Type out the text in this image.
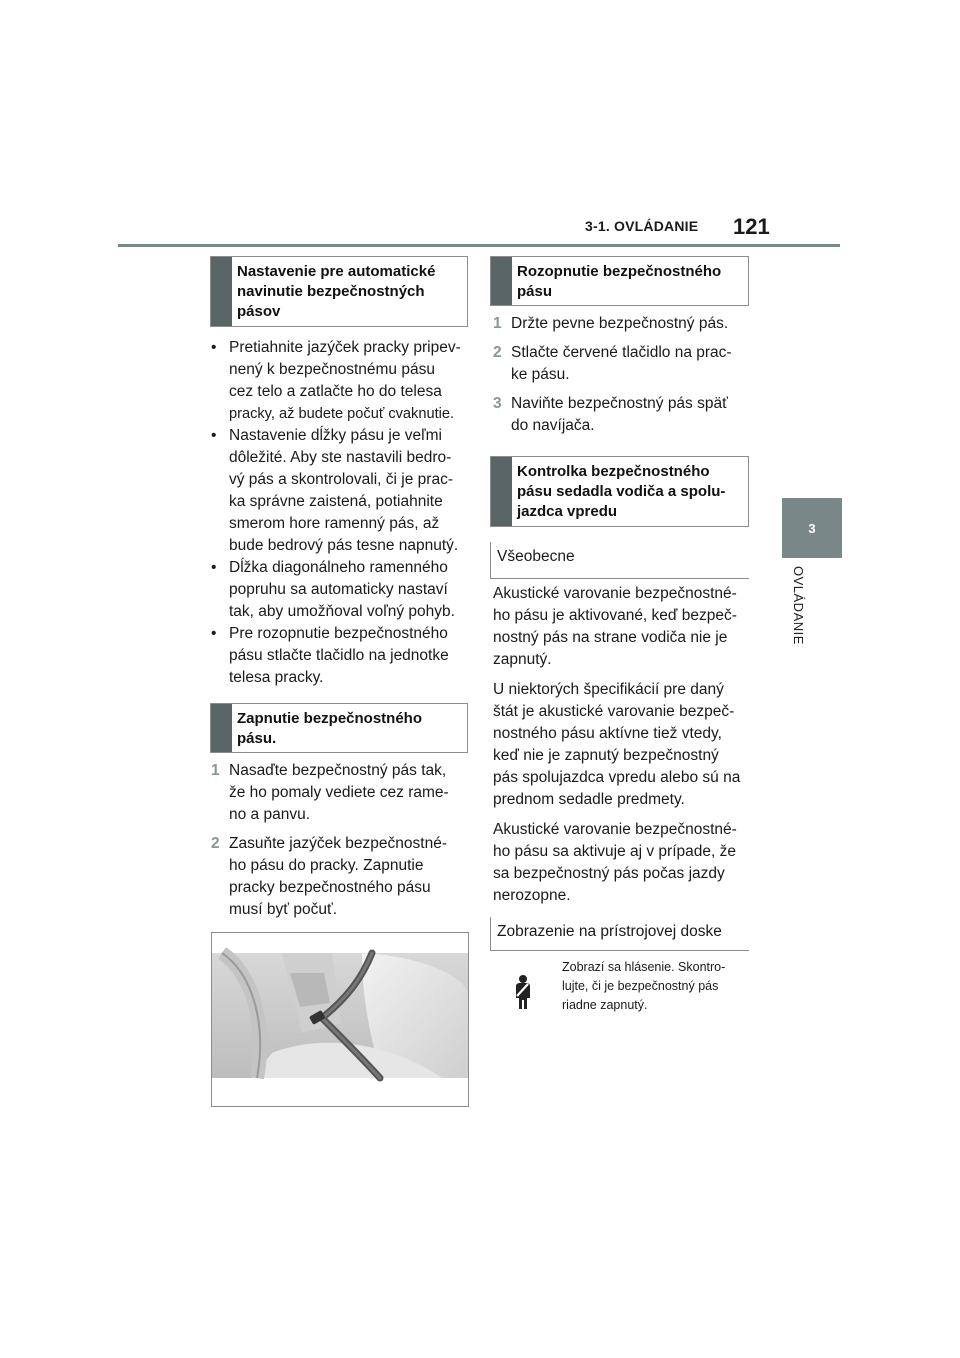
3-1. OVLÁDANIE 121
3
OVLÁDANIE
Nastavenie pre automatické
navinutie bezpečnostných
pásov
• Pretiahnite jazýček pracky pripev-
nený k bezpečnostnému pásu
cez telo a zatlačte ho do telesa
pracky, až budete počuť cvaknutie.
• Nastavenie dĺžky pásu je veľmi
dôležité. Aby ste nastavili bedro-
vý pás a skontrolovali, či je prac-
ka správne zaistená, potiahnite
smerom hore ramenný pás, až
bude bedrový pás tesne napnutý.
• Dĺžka diagonálneho ramenného
popruhu sa automaticky nastaví
tak, aby umožňoval voľný pohyb.
• Pre rozopnutie bezpečnostného
pásu stlačte tlačidlo na jednotke
telesa pracky.
Zapnutie bezpečnostného
pásu.
1 Nasaďte bezpečnostný pás tak,
že ho pomaly vediete cez rame-
no a panvu.
2 Zasuňte jazýček bezpečnostné-
ho pásu do pracky. Zapnutie
pracky bezpečnostného pásu
musí byť počuť.
Rozopnutie bezpečnostného
pásu
1 Držte pevne bezpečnostný pás.
2 Stlačte červené tlačidlo na prac-
ke pásu.
3 Naviňte bezpečnostný pás späť
do navíjača.
Kontrolka bezpečnostného
pásu sedadla vodiča a spolu-
jazdca vpredu
Všeobecne
Akustické varovanie bezpečnostné-
ho pásu je aktivované, keď bezpeč-
nostný pás na strane vodiča nie je
zapnutý.
U niektorých špecifikácií pre daný
štát je akustické varovanie bezpeč-
nostného pásu aktívne tiež vtedy,
keď nie je zapnutý bezpečnostný
pás spolujazdca vpredu alebo sú na
prednom sedadle predmety.
Akustické varovanie bezpečnostné-
ho pásu sa aktivuje aj v prípade, že
sa bezpečnostný pás počas jazdy
nerozopne.
Zobrazenie na prístrojovej doske
Zobrazí sa hlásenie. Skontro-
lujte, či je bezpečnostný pás
riadne zapnutý.
